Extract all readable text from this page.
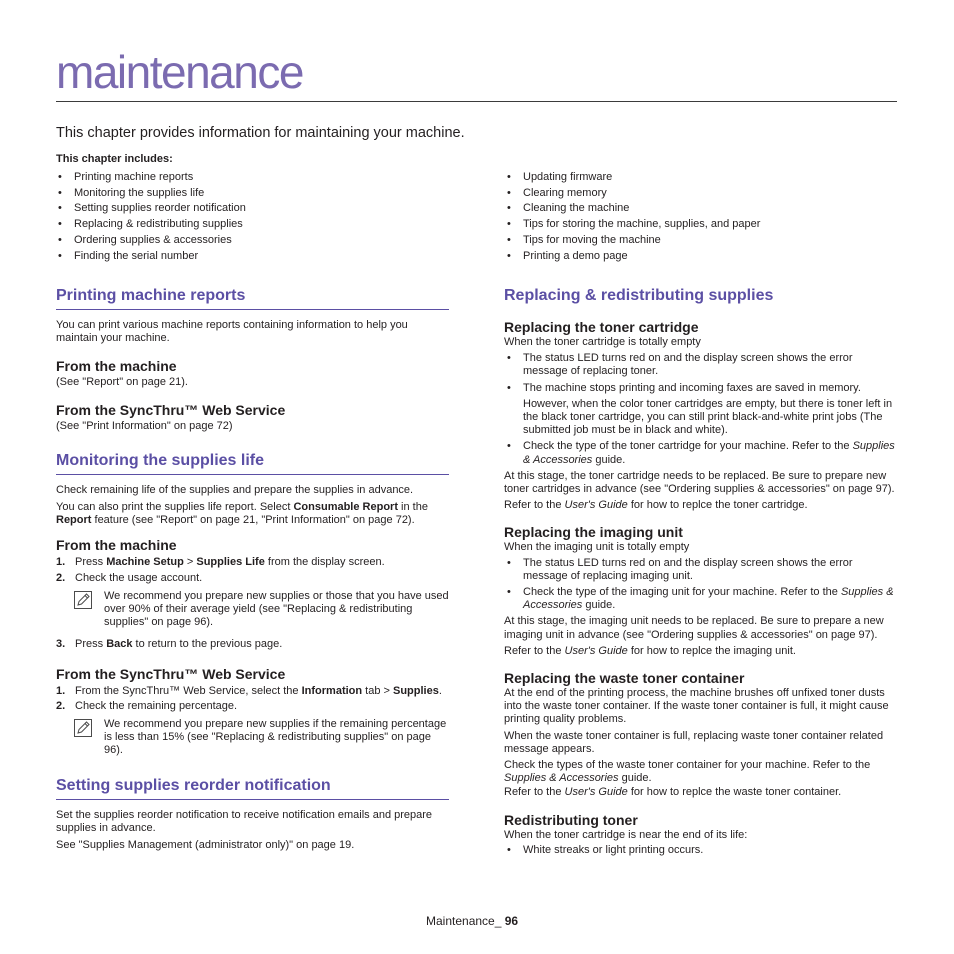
maintenance
This chapter provides information for maintaining your machine.
This chapter includes:
• Printing machine reports
• Monitoring the supplies life
• Setting supplies reorder notification
• Replacing & redistributing supplies
• Ordering supplies & accessories
• Finding the serial number
• Updating firmware
• Clearing memory
• Cleaning the machine
• Tips for storing the machine, supplies, and paper
• Tips for moving the machine
• Printing a demo page
Printing machine reports

You can print various machine reports containing information to help you maintain your machine.

From the machine

(See "Report" on page 21).

From the SyncThru™ Web Service

(See "Print Information" on page 72)

Monitoring the supplies life

Check remaining life of the supplies and prepare the supplies in advance.

You can also print the supplies life report. Select Consumable Report in the Report feature (see "Report" on page 21, "Print Information" on page 72).

From the machine
1. Press Machine Setup > Supplies Life from the display screen.
2. Check the usage account.

We recommend you prepare new supplies or those that you have used over 90% of their average yield (see "Replacing & redistributing supplies" on page 96).

3. Press Back to return to the previous page.
From the SyncThru™ Web Service
1. From the SyncThru™ Web Service, select the Information tab > Supplies.
2. Check the remaining percentage.

We recommend you prepare new supplies if the remaining percentage is less than 15% (see "Replacing & redistributing supplies" on page 96).

Setting supplies reorder notification

Set the supplies reorder notification to receive notification emails and prepare supplies in advance.

See "Supplies Management (administrator only)" on page 19.

Replacing & redistributing supplies
Replacing the toner cartridge

When the toner cartridge is totally empty

• The status LED turns red on and the display screen shows the error message of replacing toner.
• The machine stops printing and incoming faxes are saved in memory.
However, when the color toner cartridges are empty, but there is toner left in the black toner cartridge, you can still print black-and-white print jobs (The submitted job must be in black and white).
• Check the type of the toner cartridge for your machine. Refer to the Supplies & Accessories guide.

At this stage, the toner cartridge needs to be replaced. Be sure to prepare new toner cartridges in advance (see "Ordering supplies & accessories" on page 97).

Refer to the User's Guide for how to replce the toner cartridge.

Replacing the imaging unit

When the imaging unit is totally empty

• The status LED turns red on and the display screen shows the error message of replacing imaging unit.
• Check the type of the imaging unit for your machine. Refer to the Supplies & Accessories guide.

At this stage, the imaging unit needs to be replaced. Be sure to prepare a new imaging unit in advance (see "Ordering supplies & accessories" on page 97).

Refer to the User's Guide for how to replce the imaging unit.

Replacing the waste toner container

At the end of the printing process, the machine brushes off unfixed toner dusts into the waste toner container. If the waste toner container is full, it might cause printing quality problems.

When the waste toner container is full, replacing waste toner container related message appears.

Check the types of the waste toner container for your machine. Refer to the Supplies & Accessories guide.

Refer to the User's Guide for how to replce the waste toner container.

Redistributing toner

When the toner cartridge is near the end of its life:

• White streaks or light printing occurs.
Maintenance_ 96
